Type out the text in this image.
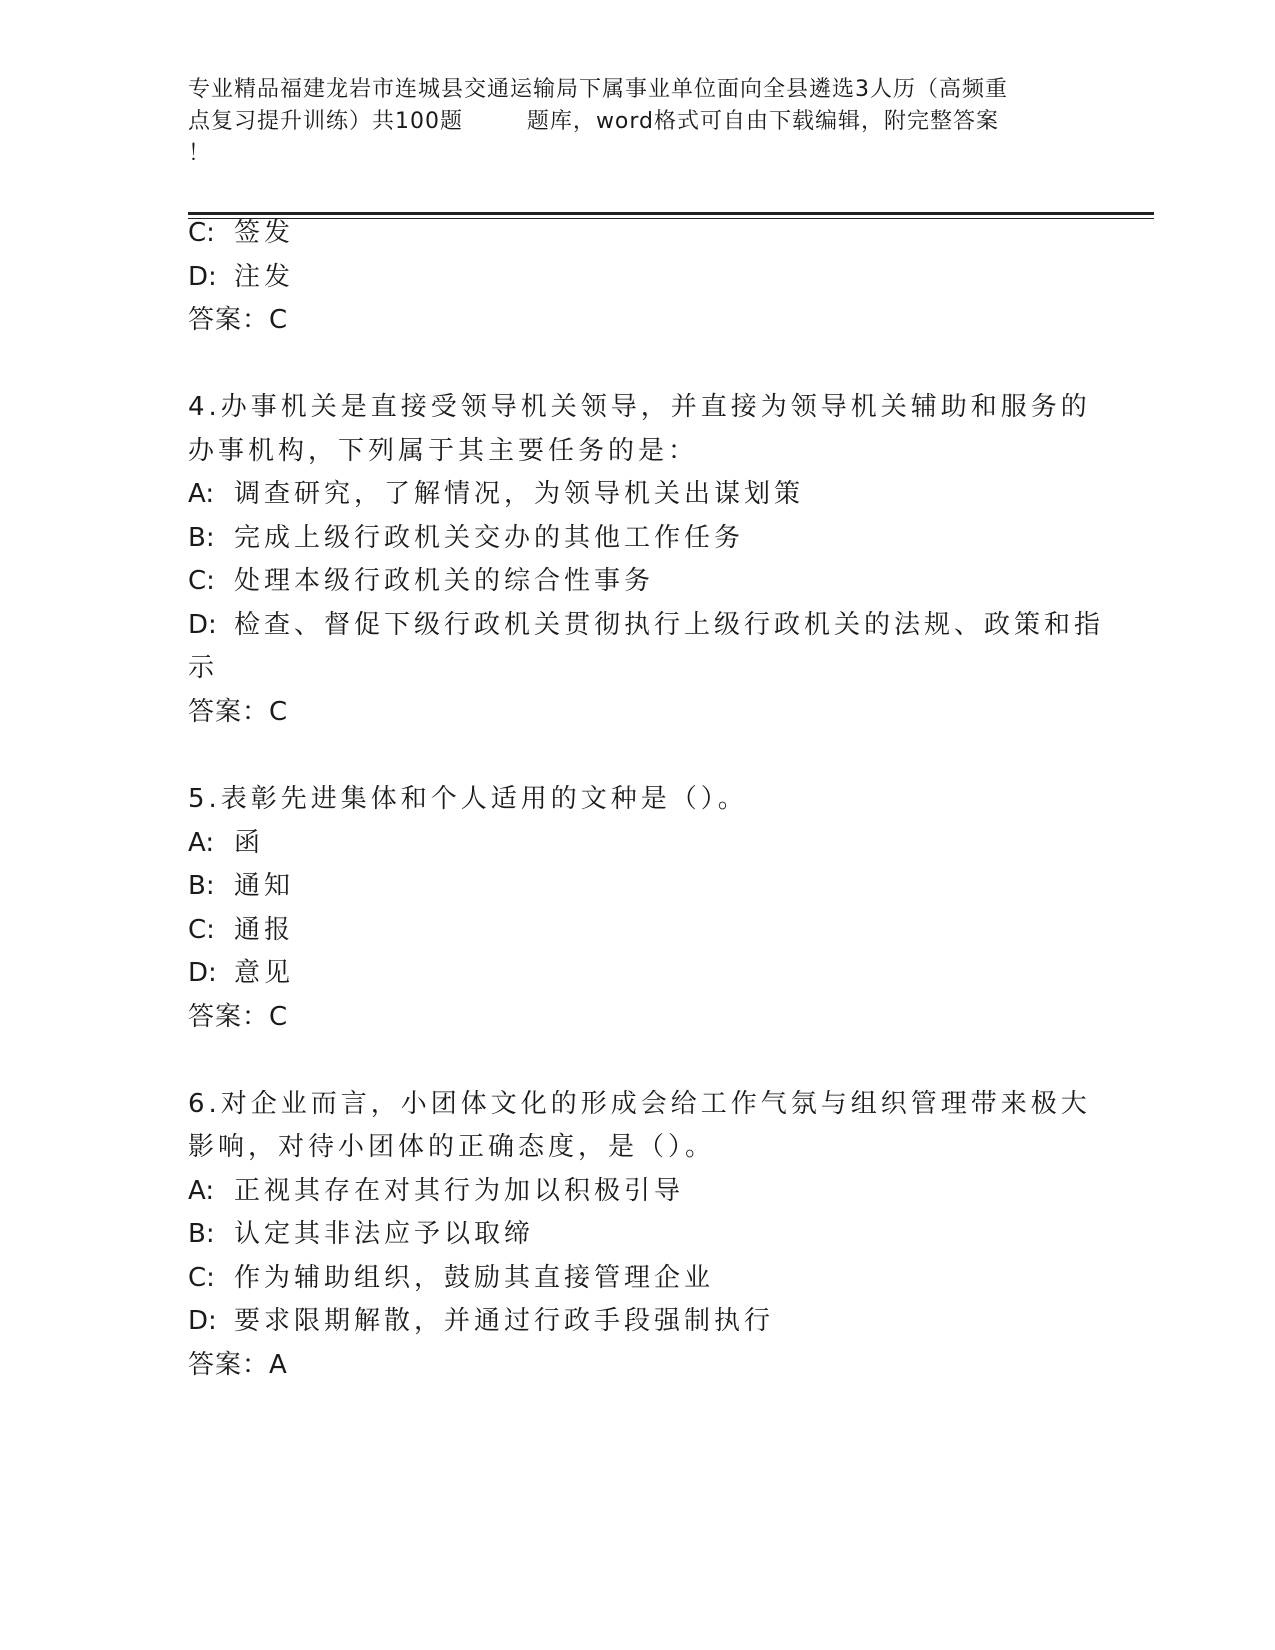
专业精品福建龙岩市连城县交通运输局下属事业单位面向全县遴选3人历（高频重
点复习提升训练）共100题        题库，word格式可自由下载编辑，附完整答案
！
C: 签发
D: 注发
答案：C
4.办事机关是直接受领导机关领导，并直接为领导机关辅助和服务的
办事机构，下列属于其主要任务的是：
A: 调查研究，了解情况，为领导机关出谋划策
B: 完成上级行政机关交办的其他工作任务
C: 处理本级行政机关的综合性事务
D: 检查、督促下级行政机关贯彻执行上级行政机关的法规、政策和指
示
答案：C
5.表彰先进集体和个人适用的文种是（）。
A: 函
B: 通知
C: 通报
D: 意见
答案：C
6.对企业而言，小团体文化的形成会给工作气氛与组织管理带来极大
影响，对待小团体的正确态度，是（）。
A: 正视其存在对其行为加以积极引导
B: 认定其非法应予以取缔
C: 作为辅助组织，鼓励其直接管理企业
D: 要求限期解散，并通过行政手段强制执行
答案：A
